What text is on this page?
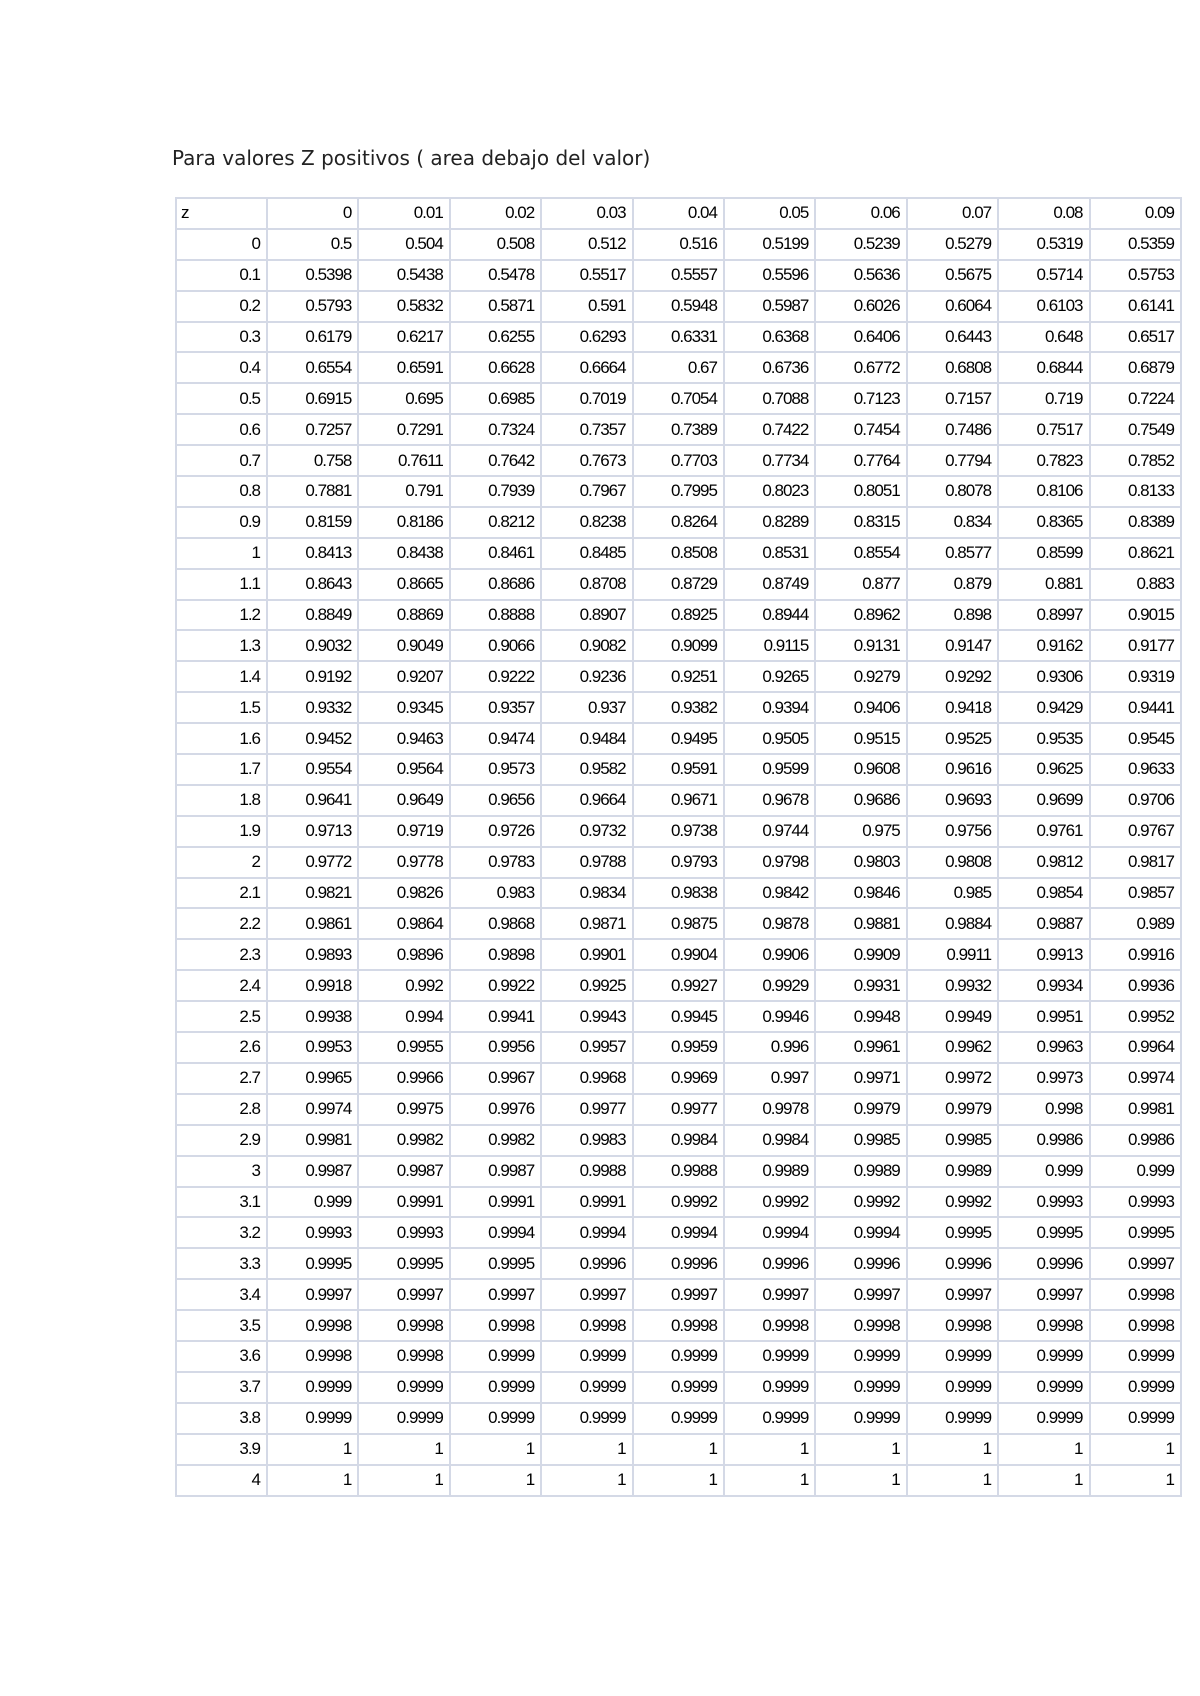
Para valores Z positivos ( area debajo del valor)
z	0	0.01	0.02	0.03	0.04	0.05	0.06	0.07	0.08	0.09
0	0.5	0.504	0.508	0.512	0.516	0.5199	0.5239	0.5279	0.5319	0.5359
0.1	0.5398	0.5438	0.5478	0.5517	0.5557	0.5596	0.5636	0.5675	0.5714	0.5753
0.2	0.5793	0.5832	0.5871	0.591	0.5948	0.5987	0.6026	0.6064	0.6103	0.6141
0.3	0.6179	0.6217	0.6255	0.6293	0.6331	0.6368	0.6406	0.6443	0.648	0.6517
0.4	0.6554	0.6591	0.6628	0.6664	0.67	0.6736	0.6772	0.6808	0.6844	0.6879
0.5	0.6915	0.695	0.6985	0.7019	0.7054	0.7088	0.7123	0.7157	0.719	0.7224
0.6	0.7257	0.7291	0.7324	0.7357	0.7389	0.7422	0.7454	0.7486	0.7517	0.7549
0.7	0.758	0.7611	0.7642	0.7673	0.7703	0.7734	0.7764	0.7794	0.7823	0.7852
0.8	0.7881	0.791	0.7939	0.7967	0.7995	0.8023	0.8051	0.8078	0.8106	0.8133
0.9	0.8159	0.8186	0.8212	0.8238	0.8264	0.8289	0.8315	0.834	0.8365	0.8389
1	0.8413	0.8438	0.8461	0.8485	0.8508	0.8531	0.8554	0.8577	0.8599	0.8621
1.1	0.8643	0.8665	0.8686	0.8708	0.8729	0.8749	0.877	0.879	0.881	0.883
1.2	0.8849	0.8869	0.8888	0.8907	0.8925	0.8944	0.8962	0.898	0.8997	0.9015
1.3	0.9032	0.9049	0.9066	0.9082	0.9099	0.9115	0.9131	0.9147	0.9162	0.9177
1.4	0.9192	0.9207	0.9222	0.9236	0.9251	0.9265	0.9279	0.9292	0.9306	0.9319
1.5	0.9332	0.9345	0.9357	0.937	0.9382	0.9394	0.9406	0.9418	0.9429	0.9441
1.6	0.9452	0.9463	0.9474	0.9484	0.9495	0.9505	0.9515	0.9525	0.9535	0.9545
1.7	0.9554	0.9564	0.9573	0.9582	0.9591	0.9599	0.9608	0.9616	0.9625	0.9633
1.8	0.9641	0.9649	0.9656	0.9664	0.9671	0.9678	0.9686	0.9693	0.9699	0.9706
1.9	0.9713	0.9719	0.9726	0.9732	0.9738	0.9744	0.975	0.9756	0.9761	0.9767
2	0.9772	0.9778	0.9783	0.9788	0.9793	0.9798	0.9803	0.9808	0.9812	0.9817
2.1	0.9821	0.9826	0.983	0.9834	0.9838	0.9842	0.9846	0.985	0.9854	0.9857
2.2	0.9861	0.9864	0.9868	0.9871	0.9875	0.9878	0.9881	0.9884	0.9887	0.989
2.3	0.9893	0.9896	0.9898	0.9901	0.9904	0.9906	0.9909	0.9911	0.9913	0.9916
2.4	0.9918	0.992	0.9922	0.9925	0.9927	0.9929	0.9931	0.9932	0.9934	0.9936
2.5	0.9938	0.994	0.9941	0.9943	0.9945	0.9946	0.9948	0.9949	0.9951	0.9952
2.6	0.9953	0.9955	0.9956	0.9957	0.9959	0.996	0.9961	0.9962	0.9963	0.9964
2.7	0.9965	0.9966	0.9967	0.9968	0.9969	0.997	0.9971	0.9972	0.9973	0.9974
2.8	0.9974	0.9975	0.9976	0.9977	0.9977	0.9978	0.9979	0.9979	0.998	0.9981
2.9	0.9981	0.9982	0.9982	0.9983	0.9984	0.9984	0.9985	0.9985	0.9986	0.9986
3	0.9987	0.9987	0.9987	0.9988	0.9988	0.9989	0.9989	0.9989	0.999	0.999
3.1	0.999	0.9991	0.9991	0.9991	0.9992	0.9992	0.9992	0.9992	0.9993	0.9993
3.2	0.9993	0.9993	0.9994	0.9994	0.9994	0.9994	0.9994	0.9995	0.9995	0.9995
3.3	0.9995	0.9995	0.9995	0.9996	0.9996	0.9996	0.9996	0.9996	0.9996	0.9997
3.4	0.9997	0.9997	0.9997	0.9997	0.9997	0.9997	0.9997	0.9997	0.9997	0.9998
3.5	0.9998	0.9998	0.9998	0.9998	0.9998	0.9998	0.9998	0.9998	0.9998	0.9998
3.6	0.9998	0.9998	0.9999	0.9999	0.9999	0.9999	0.9999	0.9999	0.9999	0.9999
3.7	0.9999	0.9999	0.9999	0.9999	0.9999	0.9999	0.9999	0.9999	0.9999	0.9999
3.8	0.9999	0.9999	0.9999	0.9999	0.9999	0.9999	0.9999	0.9999	0.9999	0.9999
3.9	1	1	1	1	1	1	1	1	1	1
4	1	1	1	1	1	1	1	1	1	1
